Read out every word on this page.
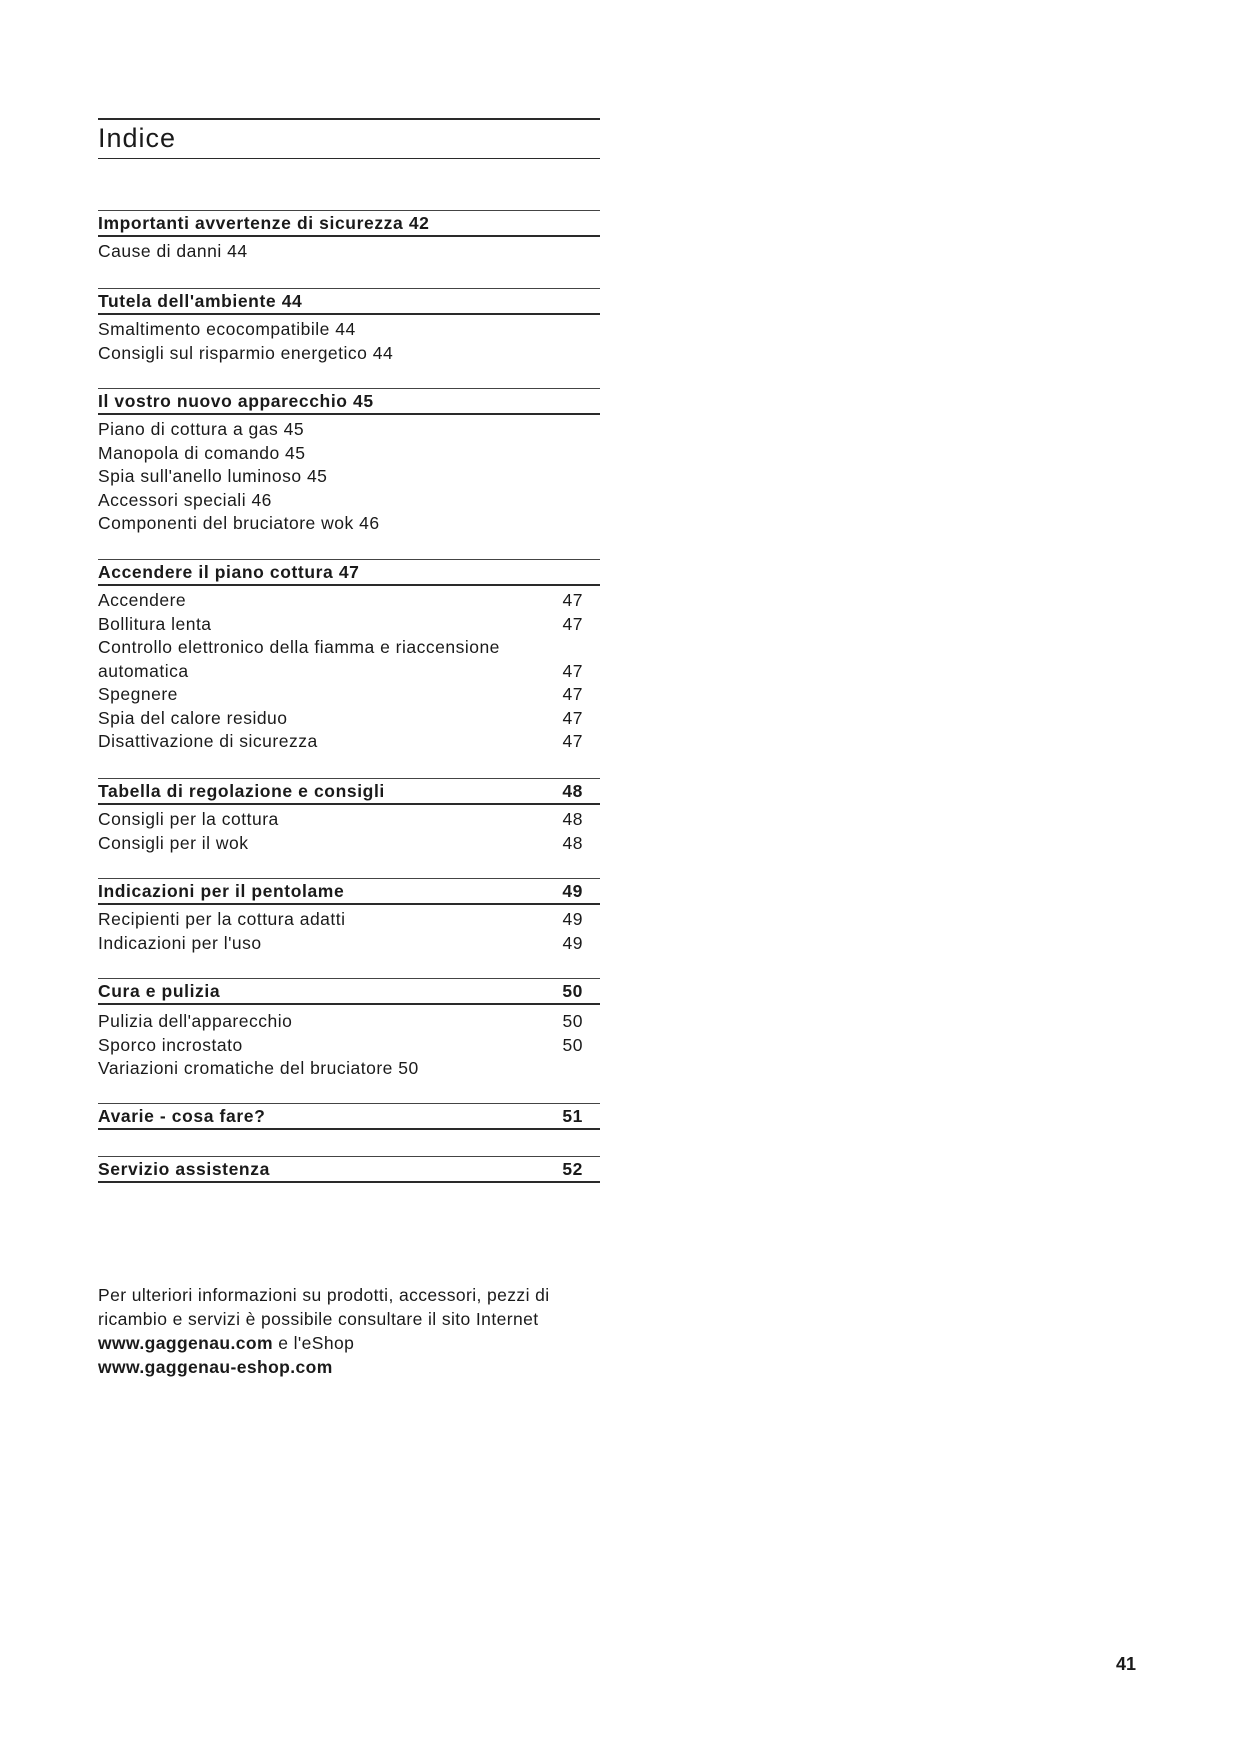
Indice
Importanti avvertenze di sicurezza 42
Cause di danni 44
Tutela dell'ambiente 44
Smaltimento ecocompatibile 44
Consigli sul risparmio energetico 44
Il vostro nuovo apparecchio 45
Piano di cottura a gas 45
Manopola di comando 45
Spia sull'anello luminoso 45
Accessori speciali 46
Componenti del bruciatore wok 46
Accendere il piano cottura 47
Accendere	47
Bollitura lenta	47
Controllo elettronico della fiamma e riaccensione
automatica	47
Spegnere	47
Spia del calore residuo	47
Disattivazione di sicurezza	47
Tabella di regolazione e consigli	48
Consigli per la cottura	48
Consigli per il wok	48
Indicazioni per il pentolame	49
Recipienti per la cottura adatti	49
Indicazioni per l'uso	49
Cura e pulizia	50
Pulizia dell'apparecchio	50
Sporco incrostato	50
Variazioni cromatiche del bruciatore 50
Avarie - cosa fare?	51
Servizio assistenza	52
Per ulteriori informazioni su prodotti, accessori, pezzi di
ricambio e servizi è possibile consultare il sito Internet
www.gaggenau.com e l'eShop
www.gaggenau-eshop.com
41
